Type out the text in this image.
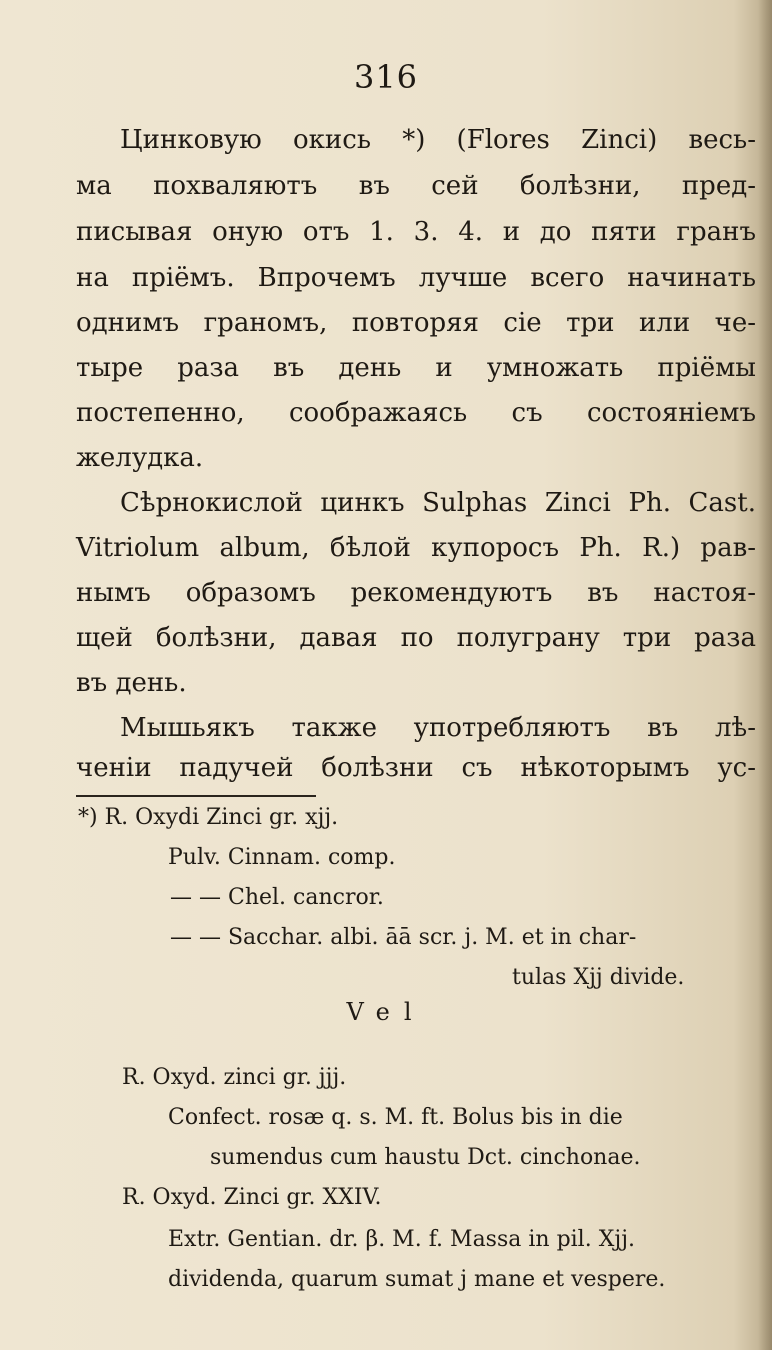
316
Цинковую окись *) (Flores Zinci) весь-
ма похваляютъ въ сей болѣзни, пред-
писывая оную отъ 1. 3. 4. и до пяти гранъ
на пріёмъ. Впрочемъ лучше всего начинать
однимъ граномъ, повторяя сіе три или че-
тыре раза въ день и умножать пріёмы
постепенно, соображаясь съ состояніемъ
желудка.
Сѣрнокислой цинкъ Sulphas Zinci Ph. Cast.
Vitriolum album, бѣлой купоросъ Ph. R.) рав-
нымъ образомъ рекомендуютъ въ настоя-
щей болѣзни, давая по полуграну три раза
въ день.
Мышьякъ также употребляютъ въ лѣ-
ченіи падучей болѣзни съ нѣкоторымъ ус-
*) R. Oxydi Zinci gr. xjj.
Pulv. Cinnam. comp.
— — Chel. cancror.
— — Sacchar. albi. āā scr. j. M. et in char-
tulas Xjj divide.
Vel
R. Oxyd. zinci gr. jjj.
Confect. rosæ q. s. M. ft. Bolus bis in die
sumendus cum haustu Dct. cinchonae.
R. Oxyd. Zinci gr. XXIV.
Extr. Gentian. dr. β. M. f. Massa in pil. Xjj.
dividenda, quarum sumat j mane et vespere.
